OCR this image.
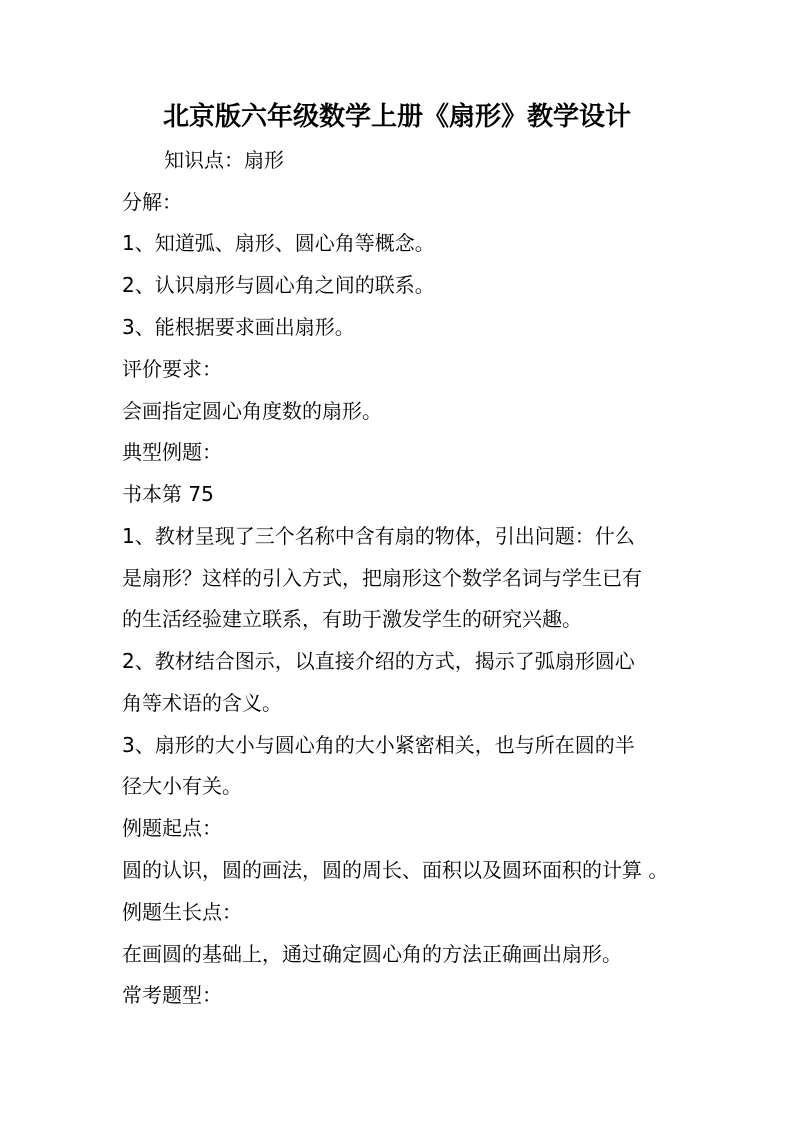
北京版六年级数学上册《扇形》教学设计
知识点：扇形
分解：
1、知道弧、扇形、圆心角等概念。
2、认识扇形与圆心角之间的联系。
3、能根据要求画出扇形。
评价要求：
会画指定圆心角度数的扇形。
典型例题：
书本第 75
1、教材呈现了三个名称中含有扇的物体，引出问题：什么
是扇形？这样的引入方式，把扇形这个数学名词与学生已有
的生活经验建立联系，有助于激发学生的研究兴趣。
2、教材结合图示，以直接介绍的方式，揭示了弧扇形圆心
角等术语的含义。
3、扇形的大小与圆心角的大小紧密相关，也与所在圆的半
径大小有关。
例题起点：
圆的认识，圆的画法，圆的周长、面积以及圆环面积的计算 。
例题生长点：
在画圆的基础上，通过确定圆心角的方法正确画出扇形。
常考题型：
